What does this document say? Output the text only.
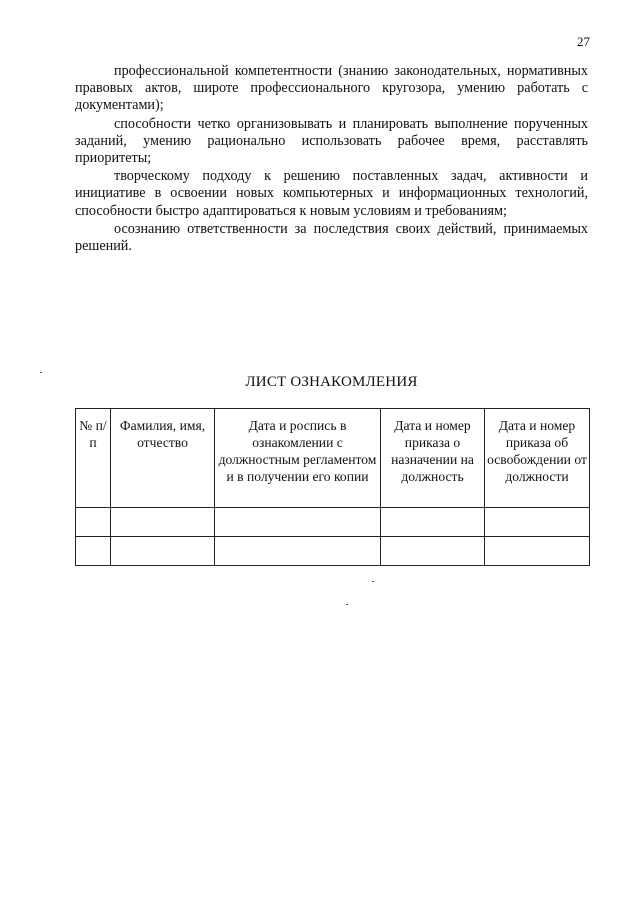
27

профессиональной компетентности (знанию законодательных, нормативных правовых актов, широте профессионального кругозора, умению работать с документами);

способности четко организовывать и планировать выполнение порученных заданий, умению рационально использовать рабочее время, расставлять приоритеты;

творческому подходу к решению поставленных задач, активности и инициативе в освоении новых компьютерных и информационных технологий, способности быстро адаптироваться к новым условиям и требованиям;

осознанию ответственности за последствия своих действий, принимаемых решений.

ЛИСТ ОЗНАКОМЛЕНИЯ
№ п/п	Фамилия, имя, отчество	Дата и роспись в ознакомлении с должностным регламентом и в получении его копии	Дата и номер приказа о назначении на должность	Дата и номер приказа об освобождении от должности
